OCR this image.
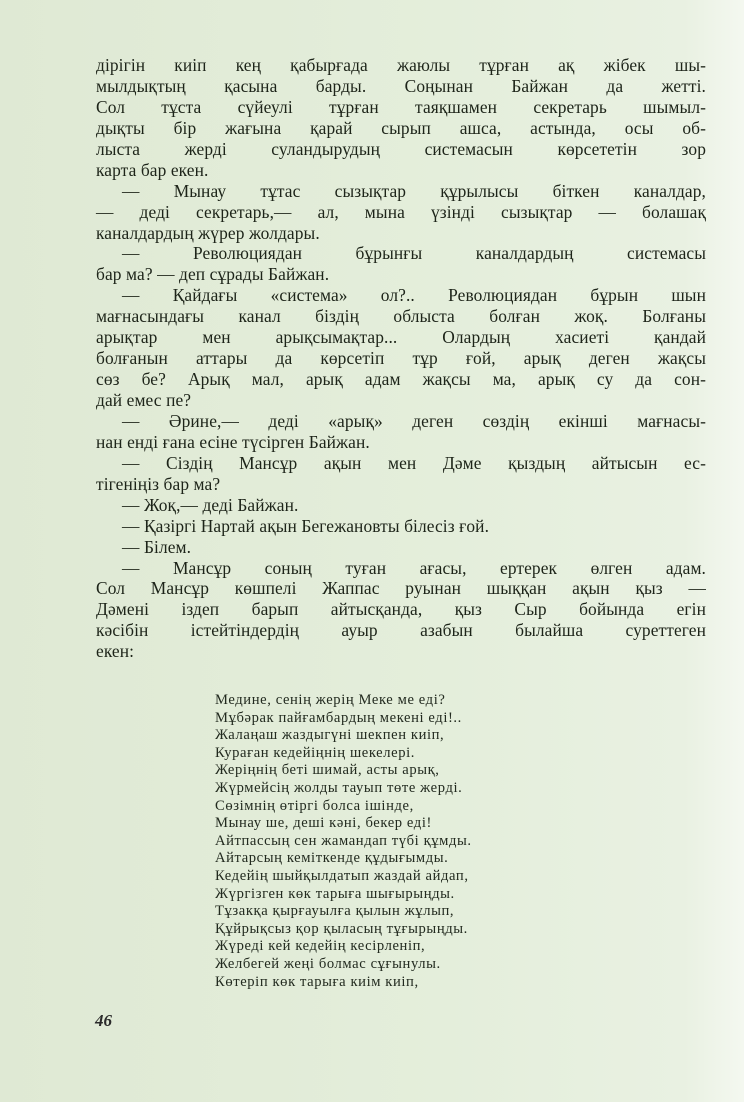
дірігін киіп кең қабырғада жаюлы тұрған ақ жібек шы-
мылдықтың қасына барды. Соңынан Байжан да жетті.
Сол тұста сүйеулі тұрған таяқшамен секретарь шымыл-
дықты бір жағына қарай сырып ашса, астында, осы об-
лыста жерді суландырудың системасын көрсететін зор
карта бар екен.
— Мынау тұтас сызықтар құрылысы біткен каналдар,
— деді секретарь,— ал, мына үзінді сызықтар — болашақ
каналдардың жүрер жолдары.
— Революциядан бұрынғы каналдардың системасы
бар ма? — деп сұрады Байжан.
— Қайдағы «система» ол?.. Революциядан бұрын шын
мағнасындағы канал біздің облыста болған жоқ. Болғаны
арықтар мен арықсымақтар... Олардың хасиеті қандай
болғанын аттары да көрсетіп тұр ғой, арық деген жақсы
сөз бе? Арық мал, арық адам жақсы ма, арық су да сон-
дай емес пе?
— Әрине,— деді «арық» деген сөздің екінші мағнасы-
нан енді ғана есіне түсірген Байжан.
— Сіздің Мансұр ақын мен Дәме қыздың айтысын ес-
тігеніңіз бар ма?
— Жоқ,— деді Байжан.
— Қазіргі Нартай ақын Бегежановты білесіз ғой.
— Білем.
— Мансұр соның туған ағасы, ертерек өлген адам.
Сол Мансұр көшпелі Жаппас руынан шыққан ақын қыз —
Дәмені іздеп барып айтысқанда, қыз Сыр бойында егін
кәсібін істейтіндердің ауыр азабын былайша суреттеген
екен:
Медине, сенің жерің Меке ме еді?
Мұбәрак пайғамбардың мекені еді!..
Жалаңаш жаздыгүні шекпен киіп,
Кураған кедейіңнің шекелері.
Жеріңнің беті шимай, асты арық,
Жүрмейсің жолды тауып төте жерді.
Сөзімнің өтіргі болса ішінде,
Мынау ше, деші кәні, бекер еді!
Айтпассың сен жамандап түбі құмды.
Айтарсың кеміткенде құдығымды.
Кедейің шыйқылдатып жаздай айдап,
Жүргізген көк тарыға шығырыңды.
Тұзакқа қырғауылға қылын жұлып,
Құйрықсыз қор қыласың тұғырыңды.
Жүреді кей кедейің кесірленіп,
Желбегей жеңі болмас сұғынулы.
Көтеріп көк тарыға киім киіп,
46
